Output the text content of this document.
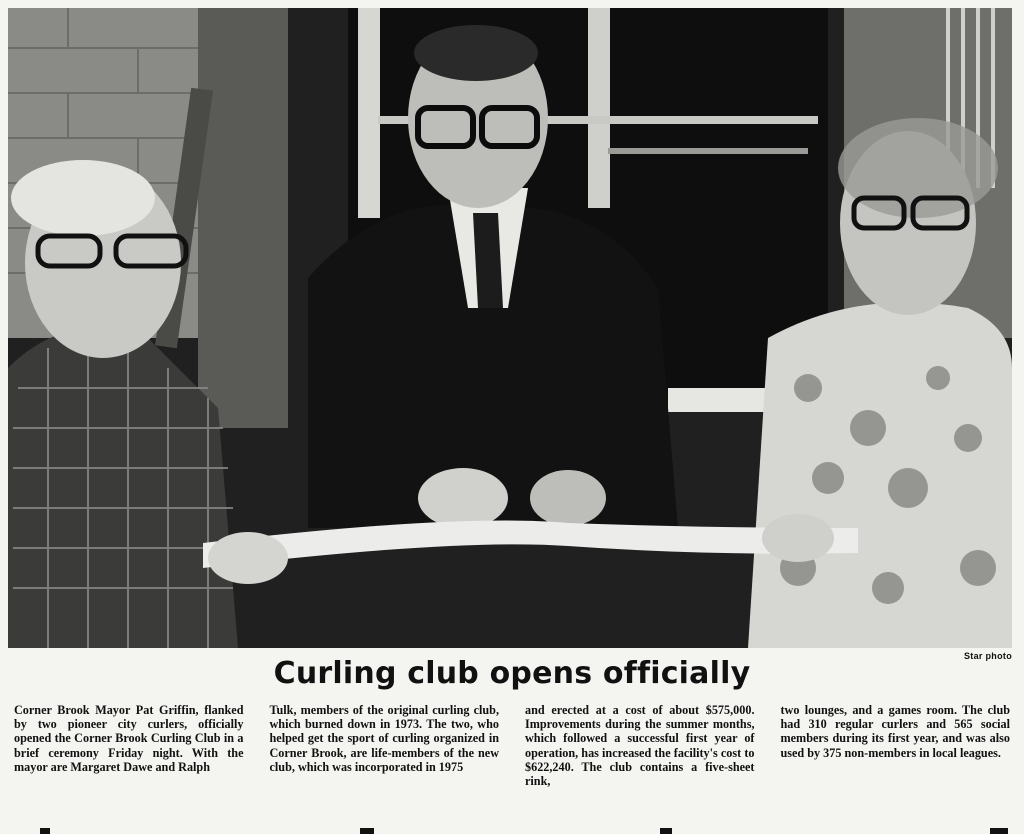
Star photo
Curling club opens officially
Corner Brook Mayor Pat Griffin, flanked by two pioneer city curlers, officially opened the Corner Brook Curling Club in a brief ceremony Friday night. With the mayor are Margaret Dawe and Ralph
Tulk, members of the original curling club, which burned down in 1973. The two, who helped get the sport of curling organized in Corner Brook, are life-members of the new club, which was incorporated in 1975
and erected at a cost of about $575,000. Improvements during the summer months, which followed a successful first year of operation, has increased the facility's cost to $622,240. The club contains a five-sheet rink,
two lounges, and a games room. The club had 310 regular curlers and 565 social members during its first year, and was also used by 375 non-members in local leagues.
